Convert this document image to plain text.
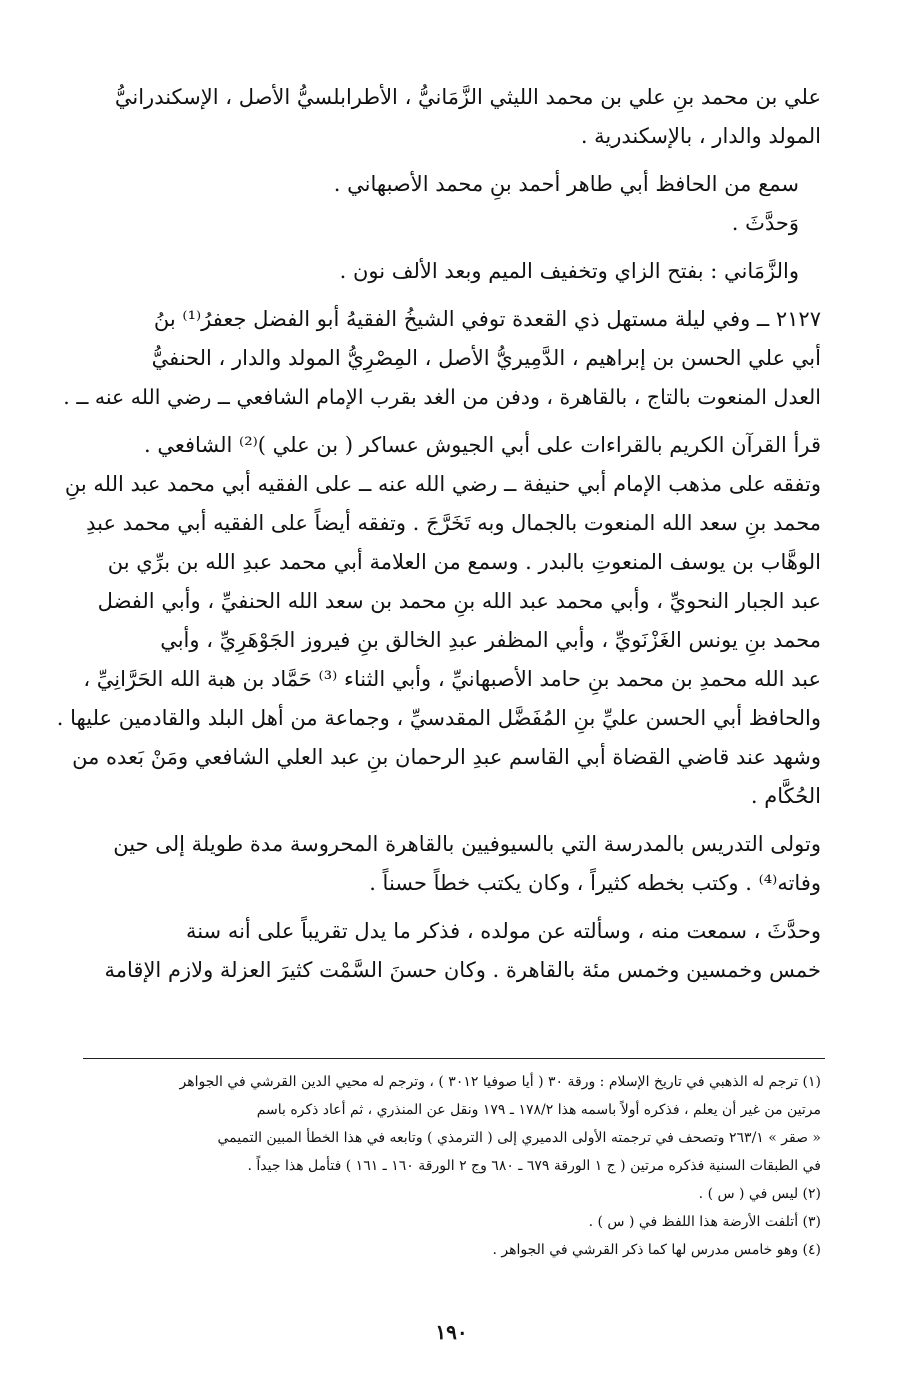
علي بن محمد بنِ علي بن محمد الليثي الزَّمَانيُّ ، الأطرابلسيُّ الأصل ، الإسكندرانيُّ
المولد والدار ، بالإسكندرية .
سمع من الحافظ أبي طاهر أحمد بنِ محمد الأصبهاني .
وَحدَّثَ .
والزَّمَاني : بفتح الزاي وتخفيف الميم وبعد الألف نون .
٢١٢٧ ــ وفي ليلة مستهل ذي القعدة توفي الشيخُ الفقيهُ أبو الفضل جعفرُ⁽¹⁾ بنُ
أبي علي الحسن بن إبراهيم ، الدَّمِيريُّ الأصل ، المِصْرِيُّ المولد والدار ، الحنفيُّ
العدل المنعوت بالتاج ، بالقاهرة ، ودفن من الغد بقرب الإمام الشافعي ــ رضي الله عنه ــ .
قرأ القرآن الكريم بالقراءات على أبي الجيوش عساكر ( بن علي )⁽²⁾ الشافعي .
وتفقه على مذهب الإمام أبي حنيفة ــ رضي الله عنه ــ على الفقيه أبي محمد عبد الله بنِ
محمد بنِ سعد الله المنعوت بالجمال وبه تَخَرَّجَ . وتفقه أيضاً على الفقيه أبي محمد عبدِ
الوهَّاب بن يوسف المنعوتِ بالبدر . وسمع من العلامة أبي محمد عبدِ الله بن برِّي بن
عبد الجبار النحويِّ ، وأبي محمد عبد الله بنِ محمد بن سعد الله الحنفيِّ ، وأبي الفضل
محمد بنِ يونس الغَزْنَويِّ ، وأبي المظفر عبدِ الخالق بنِ فيروز الجَوْهَرِيِّ ، وأبي
عبد الله محمدِ بن محمد بنِ حامد الأصبهانيِّ ، وأبي الثناء ⁽³⁾ حَمَّاد بن هبة الله الحَرَّانِيِّ ،
والحافظ أبي الحسن عليِّ بنِ المُفَضَّل المقدسيِّ ، وجماعة من أهل البلد والقادمين عليها .
وشهد عند قاضي القضاة أبي القاسم عبدِ الرحمان بنِ عبد العلي الشافعي ومَنْ بَعده من
الحُكَّام .
وتولى التدريس بالمدرسة التي بالسيوفيين بالقاهرة المحروسة مدة طويلة إلى حين
وفاته⁽⁴⁾ . وكتب بخطه كثيراً ، وكان يكتب خطاً حسناً .
وحدَّثَ ، سمعت منه ، وسألته عن مولده ، فذكر ما يدل تقريباً على أنه سنة
خمس وخمسين وخمس مئة بالقاهرة . وكان حسنَ السَّمْت كثيرَ العزلة ولازم الإقامة
(١) ترجم له الذهبي في تاريخ الإسلام : ورقة ٣٠ ( أيا صوفيا ٣٠١٢ ) ، وترجم له محيي الدين القرشي في الجواهر
مرتين من غير أن يعلم ، فذكره أولاً باسمه هذا ١٧٨/٢ ـ ١٧٩ ونقل عن المنذري ، ثم أعاد ذكره باسم
« صقر » ٢٦٣/١ وتصحف في ترجمته الأولى الدميري إلى ( الترمذي ) وتابعه في هذا الخطأ المبين التميمي
في الطبقات السنية فذكره مرتين ( ج ١ الورقة ٦٧٩ ـ ٦٨٠ وج ٢ الورقة ١٦٠ ـ ١٦١ ) فتأمل هذا جيداً .
(٢) ليس في ( س ) .
(٣) أتلفت الأرضة هذا اللفظ في ( س ) .
(٤) وهو خامس مدرس لها كما ذكر القرشي في الجواهر .
١٩٠
